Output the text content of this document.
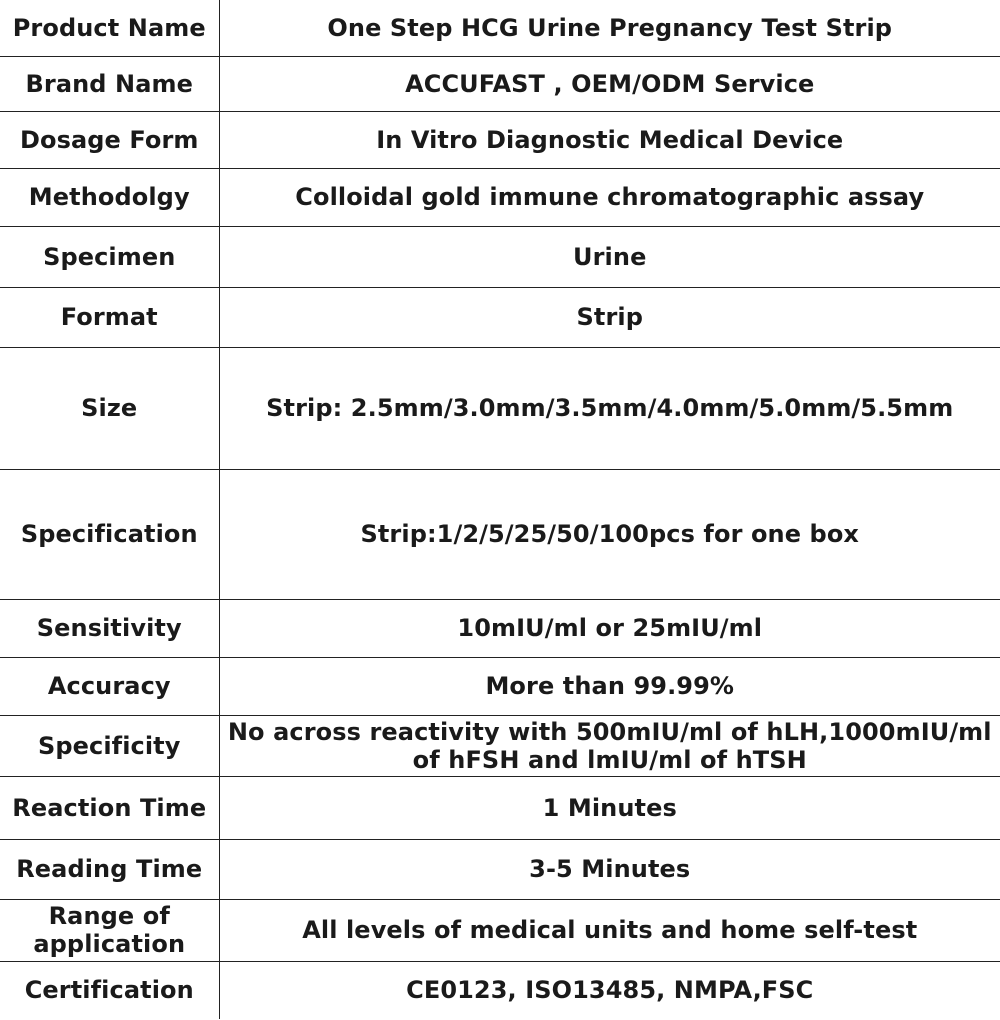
Product Name	One Step HCG Urine Pregnancy Test Strip
Brand Name	ACCUFAST , OEM/ODM Service
Dosage Form	In Vitro Diagnostic Medical Device
Methodolgy	Colloidal gold immune chromatographic assay
Specimen	Urine
Format	Strip
Size	Strip: 2.5mm/3.0mm/3.5mm/4.0mm/5.0mm/5.5mm
Specification	Strip:1/2/5/25/50/100pcs for one box
Sensitivity	10mIU/ml or 25mIU/ml
Accuracy	More than 99.99%
Specificity	No across reactivity with 500mIU/ml of hLH,1000mIU/ml of hFSH and lmIU/ml of hTSH
Reaction Time	1 Minutes
Reading Time	3-5 Minutes
Range of application	All levels of medical units and home self-test
Certification	CE0123, ISO13485, NMPA,FSC
